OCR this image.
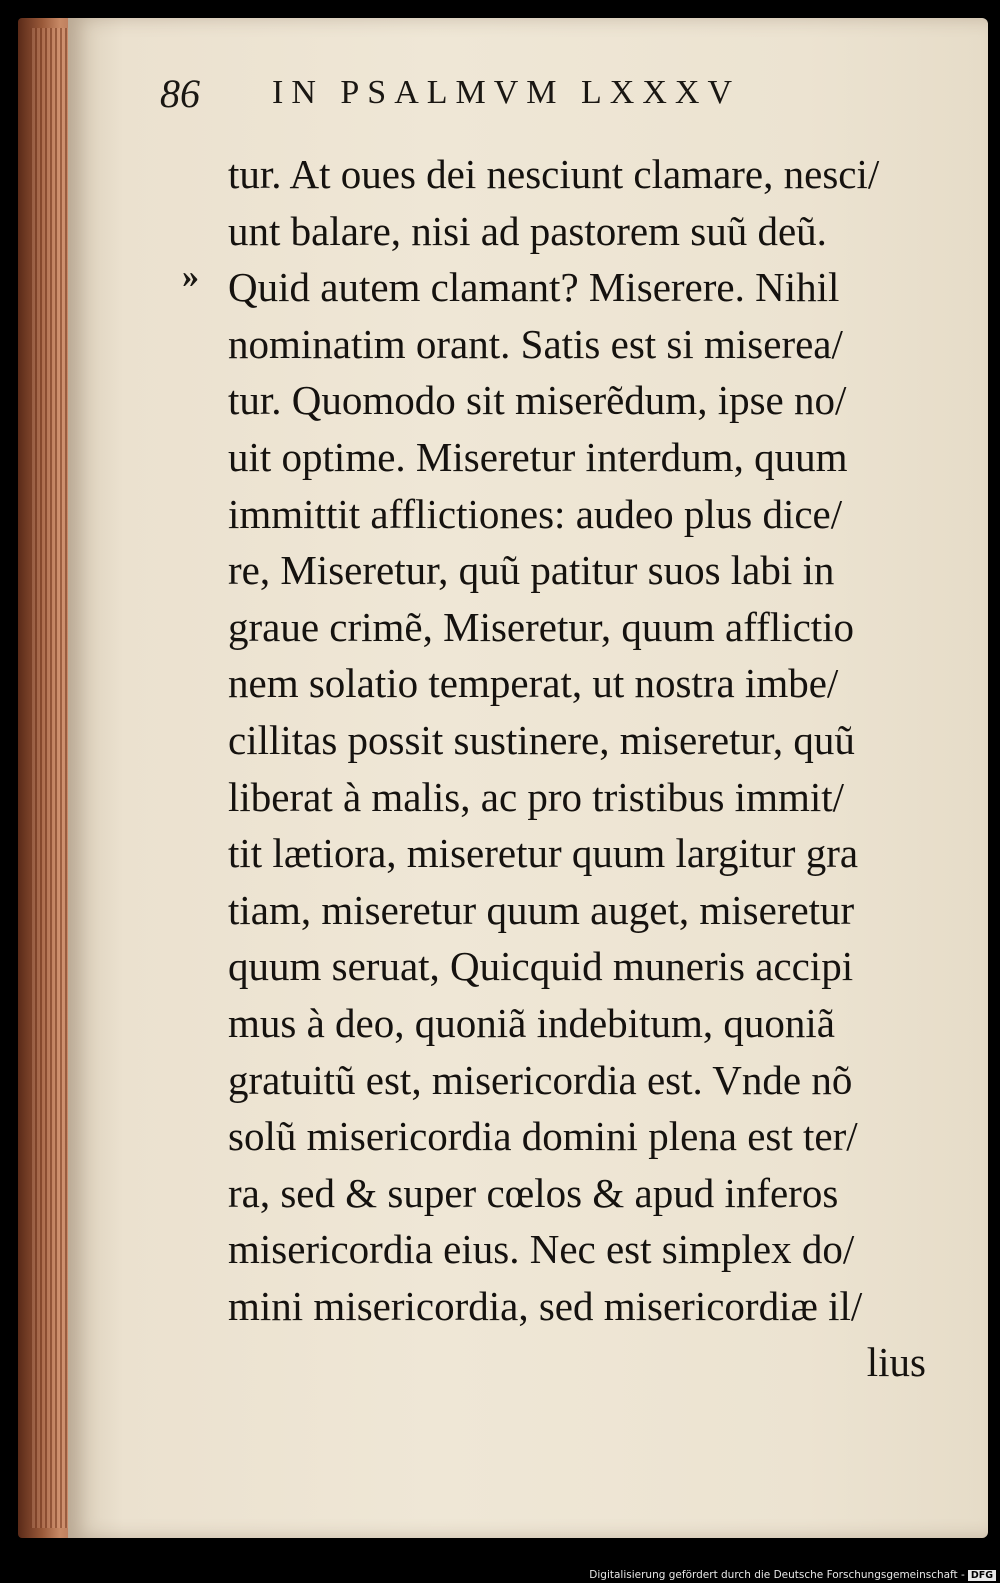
86 IN PSALMVM LXXXV
»
tur. At oues dei nesciunt clamare, nesci/
unt balare, nisi ad pastorem suũ deũ.
Quid autem clamant? Miserere. Nihil
nominatim orant. Satis est si miserea/
tur. Quomodo sit miserẽdum, ipse no/
uit optime. Miseretur interdum, quum
immittit afflictiones: audeo plus dice/
re, Miseretur, quũ patitur suos labi in
graue crimẽ, Miseretur, quum afflictio
nem solatio temperat, ut nostra imbe/
cillitas possit sustinere, miseretur, quũ
liberat à malis, ac pro tristibus immit/
tit lætiora, miseretur quum largitur gra
tiam, miseretur quum auget, miseretur
quum seruat, Quicquid muneris accipi
mus à deo, quoniã indebitum, quoniã
gratuitũ est, misericordia est. Vnde nõ
solũ misericordia domini plena est ter/
ra, sed & super cœlos & apud inferos
misericordia eius. Nec est simplex do/
mini misericordia, sed misericordiæ il/
lius
Digitalisierung gefördert durch die Deutsche Forschungsgemeinschaft - DFG
